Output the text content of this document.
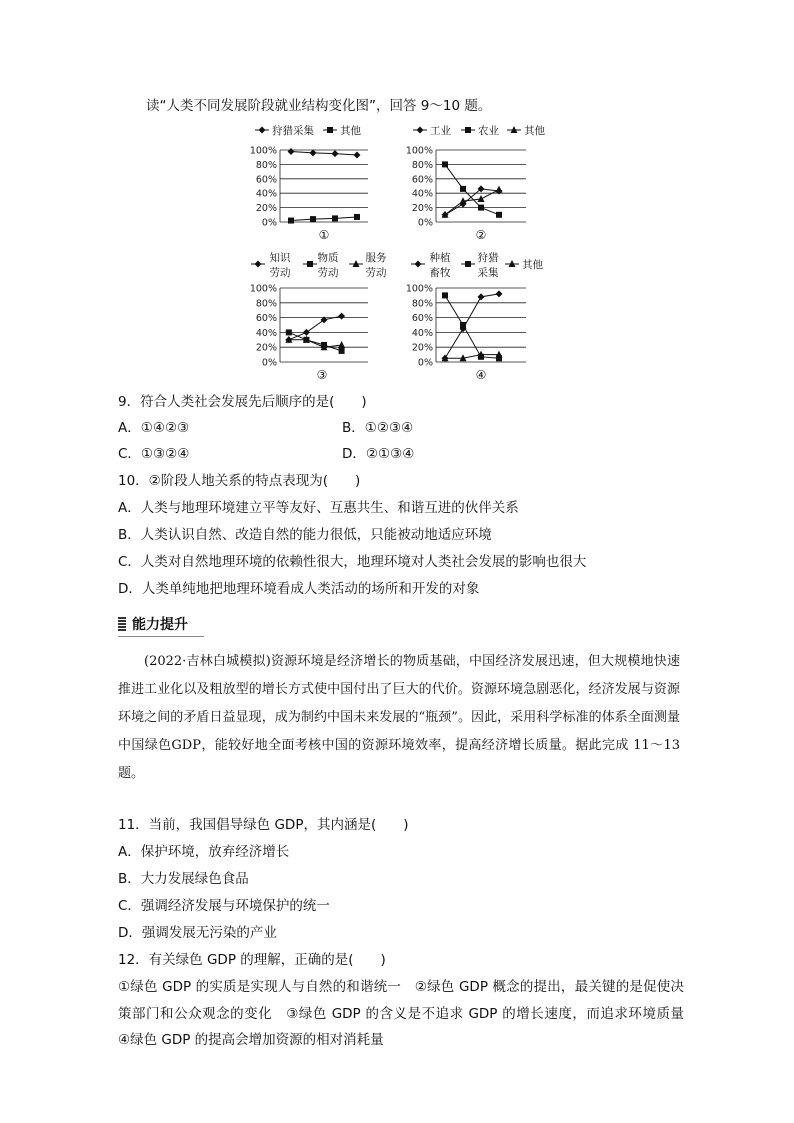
读“人类不同发展阶段就业结构变化图”，回答 9～10 题。
狩猎采集 其他
100%
80%
60%
40%
20%
0%
①
工业	农业 其他
100%
80%
60%
40%
20%
0%
②
知识
劳动
物质
劳动
服务
劳动
100%
80%
60%
40%
20%
0%
③
种植
畜牧
狩猎
采集
其他
100%
80%
60%
40%
20%
0%
④
9．符合人类社会发展先后顺序的是(　　)
A．①④②③	B．①②③④
C．①③②④	D．②①③④
10．②阶段人地关系的特点表现为(　　)
A．人类与地理环境建立平等友好、互惠共生、和谐互进的伙伴关系
B．人类认识自然、改造自然的能力很低，只能被动地适应环境
C．人类对自然地理环境的依赖性很大，地理环境对人类社会发展的影响也很大
D．人类单纯地把地理环境看成人类活动的场所和开发的对象
能力提升
(2022·吉林白城模拟)资源环境是经济增长的物质基础，中国经济发展迅速，但大规模地快速推进工业化以及粗放型的增长方式使中国付出了巨大的代价。资源环境急剧恶化，经济发展与资源环境之间的矛盾日益显现，成为制约中国未来发展的“瓶颈”。因此，采用科学标准的体系全面测量中国绿色GDP，能较好地全面考核中国的资源环境效率，提高经济增长质量。据此完成 11～13 题。
11．当前，我国倡导绿色 GDP，其内涵是(　　)
A．保护环境，放弃经济增长
B．大力发展绿色食品
C．强调经济发展与环境保护的统一
D．强调发展无污染的产业
12．有关绿色 GDP 的理解，正确的是(　　)
①绿色 GDP 的实质是实现人与自然的和谐统一　②绿色 GDP 概念的提出，最关键的是促使决策部门和公众观念的变化　③绿色 GDP 的含义是不追求 GDP 的增长速度，而追求环境质量　④绿色 GDP 的提高会增加资源的相对消耗量
